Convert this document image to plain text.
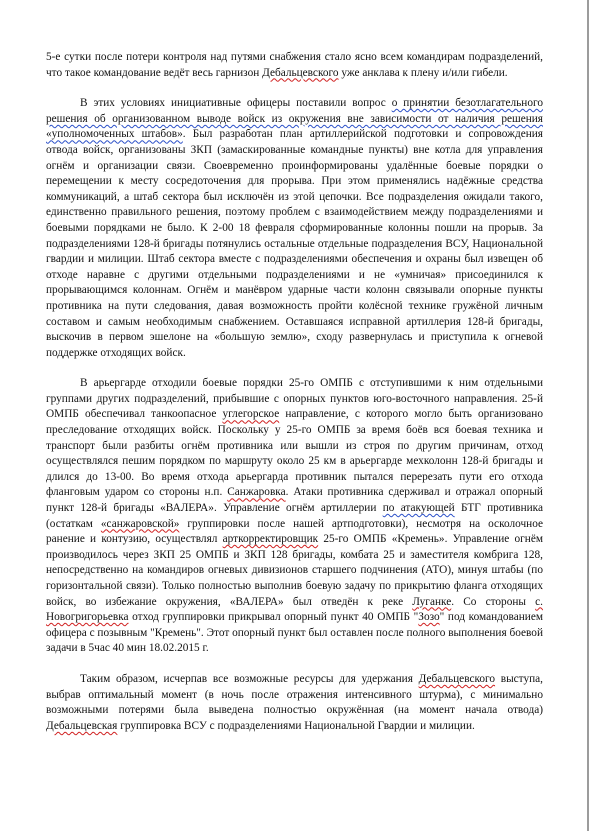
5-е сутки после потери контроля над путями снабжения стало ясно всем командирам подразделений, что такое командование ведёт весь гарнизон Дебальцевского уже анклава к плену и/или гибели.

В этих условиях инициативные офицеры поставили вопрос о принятии безотлагательного решения об организованном выводе войск из окружения вне зависимости от наличия решения «уполномоченных штабов». Был разработан план артиллерийской подготовки и сопровождения отвода войск, организованы ЗКП (замаскированные командные пункты) вне котла для управления огнём и организации связи. Своевременно проинформированы удалённые боевые порядки о перемещении к месту сосредоточения для прорыва. При этом применялись надёжные средства коммуникаций, а штаб сектора был исключён из этой цепочки. Все подразделения ожидали такого, единственно правильного решения, поэтому проблем с взаимодействием между подразделениями и боевыми порядками не было. К 2-00 18 февраля сформированные колонны пошли на прорыв. За подразделениями 128-й бригады потянулись остальные отдельные подразделения ВСУ, Национальной гвардии и милиции. Штаб сектора вместе с подразделениями обеспечения и охраны был извещен об отходе наравне с другими отдельными подразделениями и не «умничая» присоединился к прорывающимся колоннам. Огнём и манёвром ударные части колонн связывали опорные пункты противника на пути следования, давая возможность пройти колёсной технике гружёной личным составом и самым необходимым снабжением. Оставшаяся исправной артиллерия 128-й бригады, выскочив в первом эшелоне на «большую землю», сходу развернулась и приступила к огневой поддержке отходящих войск.

В арьергарде отходили боевые порядки 25-го ОМПБ с отступившими к ним отдельными группами других подразделений, прибывшие с опорных пунктов юго-восточного направления. 25-й ОМПБ обеспечивал танкоопасное углегорское направление, с которого могло быть организовано преследование отходящих войск. Поскольку у 25-го ОМПБ за время боёв вся боевая техника и транспорт были разбиты огнём противника или вышли из строя по другим причинам, отход осуществлялся пешим порядком по маршруту около 25 км в арьергарде мехколонн 128-й бригады и длился до 13-00. Во время отхода арьергарда противник пытался перерезать пути его отхода фланговым ударом со стороны н.п. Санжаровка. Атаки противника сдерживал и отражал опорный пункт 128-й бригады «ВАЛЕРА». Управление огнём артиллерии по атакующей БТГ противника (остаткам «санжаровской» группировки после нашей артподготовки), несмотря на осколочное ранение и контузию, осуществлял арткорректировщик 25-го ОМПБ «Кремень». Управление огнём производилось через ЗКП 25 ОМПБ и ЗКП 128 бригады, комбата 25 и заместителя комбрига 128, непосредственно на командиров огневых дивизионов старшего подчинения (АТО), минуя штабы (по горизонтальной связи). Только полностью выполнив боевую задачу по прикрытию фланга отходящих войск, во избежание окружения, «ВАЛЕРА» был отведён к реке Луганке. Со стороны с. Новогригорьевка отход группировки прикрывал опорный пункт 40 ОМПБ "Зозо" под командованием офицера с позывным "Кремень". Этот опорный пункт был оставлен после полного выполнения боевой задачи в 5час 40 мин 18.02.2015 г.

Таким образом, исчерпав все возможные ресурсы для удержания Дебальцевского выступа, выбрав оптимальный момент (в ночь после отражения интенсивного штурма), с минимально возможными потерями была выведена полностью окружённая (на момент начала отвода) Дебальцевская группировка ВСУ с подразделениями Национальной Гвардии и милиции.
